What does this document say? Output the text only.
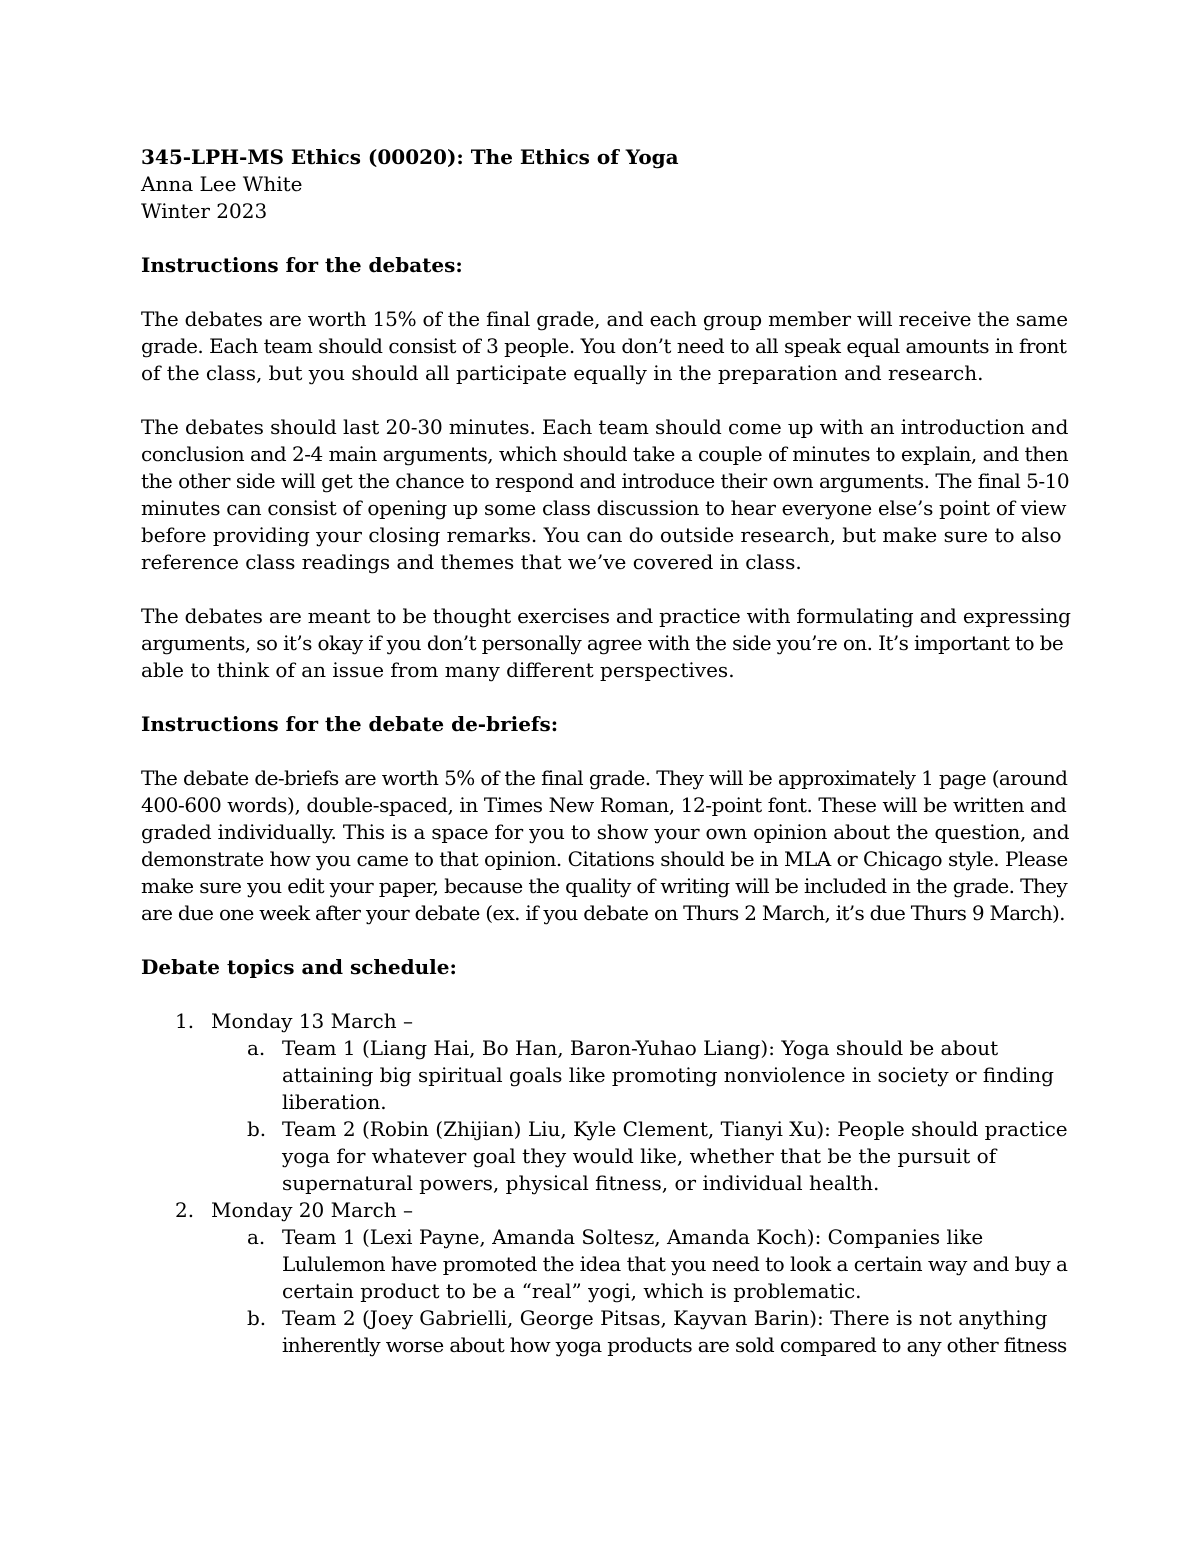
345-LPH-MS Ethics (00020): The Ethics of Yoga
Anna Lee White
Winter 2023
Instructions for the debates:
The debates are worth 15% of the final grade, and each group member will receive the same
grade. Each team should consist of 3 people. You don’t need to all speak equal amounts in front
of the class, but you should all participate equally in the preparation and research.
The debates should last 20-30 minutes. Each team should come up with an introduction and
conclusion and 2-4 main arguments, which should take a couple of minutes to explain, and then
the other side will get the chance to respond and introduce their own arguments. The final 5-10
minutes can consist of opening up some class discussion to hear everyone else’s point of view
before providing your closing remarks. You can do outside research, but make sure to also
reference class readings and themes that we’ve covered in class.
The debates are meant to be thought exercises and practice with formulating and expressing
arguments, so it’s okay if you don’t personally agree with the side you’re on. It’s important to be
able to think of an issue from many different perspectives.
Instructions for the debate de-briefs:
The debate de-briefs are worth 5% of the final grade. They will be approximately 1 page (around
400-600 words), double-spaced, in Times New Roman, 12-point font. These will be written and
graded individually. This is a space for you to show your own opinion about the question, and
demonstrate how you came to that opinion. Citations should be in MLA or Chicago style. Please
make sure you edit your paper, because the quality of writing will be included in the grade. They
are due one week after your debate (ex. if you debate on Thurs 2 March, it’s due Thurs 9 March).
Debate topics and schedule:
1. Monday 13 March –
a. Team 1 (Liang Hai, Bo Han, Baron-Yuhao Liang): Yoga should be about
attaining big spiritual goals like promoting nonviolence in society or finding
liberation.
b. Team 2 (Robin (Zhijian) Liu, Kyle Clement, Tianyi Xu): People should practice
yoga for whatever goal they would like, whether that be the pursuit of
supernatural powers, physical fitness, or individual health.
2. Monday 20 March –
a. Team 1 (Lexi Payne, Amanda Soltesz, Amanda Koch): Companies like
Lululemon have promoted the idea that you need to look a certain way and buy a
certain product to be a “real” yogi, which is problematic.
b. Team 2 (Joey Gabrielli, George Pitsas, Kayvan Barin): There is not anything
inherently worse about how yoga products are sold compared to any other fitness
